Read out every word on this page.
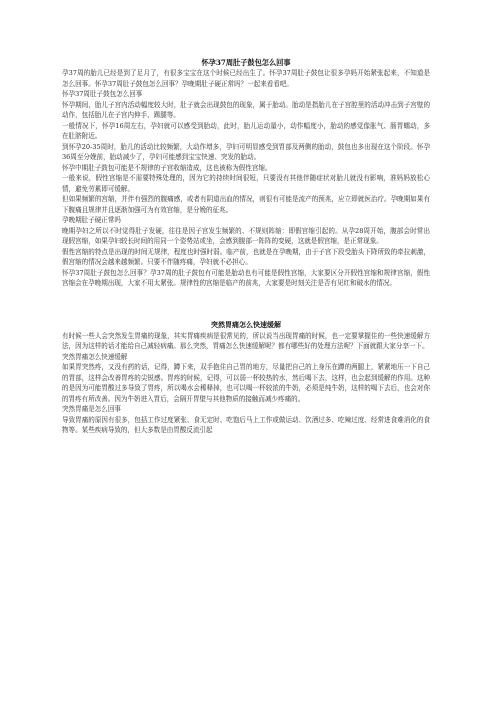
怀孕37周肚子鼓包怎么回事

孕37周的胎儿已经是到了足月了，有很多宝宝在这个时候已经出生了。怀孕37周肚子鼓包让很多孕妈开始紧张起来，不知道是怎么回事。怀孕37周肚子鼓包怎么回事？孕晚期肚子硬正常吗？一起来看看吧。

怀孕37周肚子鼓包怎么回事

怀孕期间，胎儿子宫内活动幅度较大时，肚子就会出现鼓包的现象，属于胎动。胎动是指胎儿在子宫腔里的活动冲击到子宫壁的动作，包括胎儿在子宫内伸手、踢腿等。

一般情况下，怀孕16周左右，孕妇就可以感受到胎动，此时，胎儿运动量小，动作幅度小，胎动的感觉像胀气、肠胃蠕动，多在肚脐附近。

到怀孕20-35周时，胎儿的活动比较频繁，大动作增多，孕妇可明显感受到胃部及两侧的胎动，鼓包也多出现在这个阶段。怀孕36周至分娩前，胎动减少了，孕妇可能感到宝宝快速、突发的胎动。

怀孕中期肚子鼓包可能是不规律的子宫收缩造成，这也被称为假性宫缩。

一般来说，假性宫缩是不需要特殊处理的，因为它的持续时间很短，只要没有其他伴随症状对胎儿就没有影响，准妈妈放松心情，避免劳累即可缓解。

但如果频繁的宫缩，并伴有强烈的腹痛感，或者有阴道出血的情况，则很有可能是流产的预兆，应立即就医治疗。孕晚期如果有下腹痛且规律并且逐渐加强可为有效宫缩，是分娩的征兆。

孕晚期肚子硬正常吗

晚期孕妇之所以不时觉得肚子发硬，往往是因子宫发生频繁的、不规则阵缩：即假宫缩引起的。从孕28周开始，腹部会时常出现假宫缩，如果孕妇较长时间的用同一个姿势站或坐，会感到腹部一阵阵的变硬，这就是假宫缩，是正常现象。

假性宫缩的特点是出现的时间无规律，程度也时强时弱。临产前，也就是在孕晚期，由于子宫下段受胎头下降所致的牵拉刺激，假宫缩的情况会越来越频繁。只要不伴随疼痛，孕妇就不必担心。

怀孕37周肚子鼓包怎么回事？孕37周的肚子鼓包有可能是胎动也有可能是假性宫缩，大家要区分开假性宫缩和规律宫缩，假性宫缩会在孕晚期出现，大家不用太紧张。规律性的宫缩是临产的前兆，大家要是时刻关注是否有见红和破水的情况。

突然胃痛怎么快速缓解

有时候一些人会突然发生胃痛的现象，其实胃痛疾病是很常见的，所以说当出现胃痛的时候，也一定要掌握住的一些快速缓解方法，因为这样的话才能给自己减轻病痛。那么突然，胃痛怎么快速缓解呢？都有哪些好的处理方法呢？下面就跟大家分享一下。

突然胃痛怎么快速缓解

如果胃突然疼，又没有药的话，记得，蹲下来，双手抱住自己胃的地方，尽量把自己的上身压在蹲的两腿上，紧紧地压一下自己的胃部，这样会改善胃疼的尖锐感。胃疼的时候，记得，可以弱一杯较热的水，然后喝下去，这样，也会起到缓解的作用。这种的是因为可能胃酸过多导致了胃疼，所以喝水会稀释掉，也可以喝一杯较浓的牛奶，必须是纯牛奶，这样的喝下去后，也会对你的胃疼有所改善。因为牛奶进入胃后，会隔开胃壁与其他物质的接触而减少疼痛的。

突然胃痛是怎么回事

导致胃痛的原因有很多，包括工作过度紧张、食无定时、吃饱后马上工作或做运动、饮酒过多、吃辣过度、经常进食难消化的食物等。某些疾病导致的，但大多数是由胃酸反流引起
